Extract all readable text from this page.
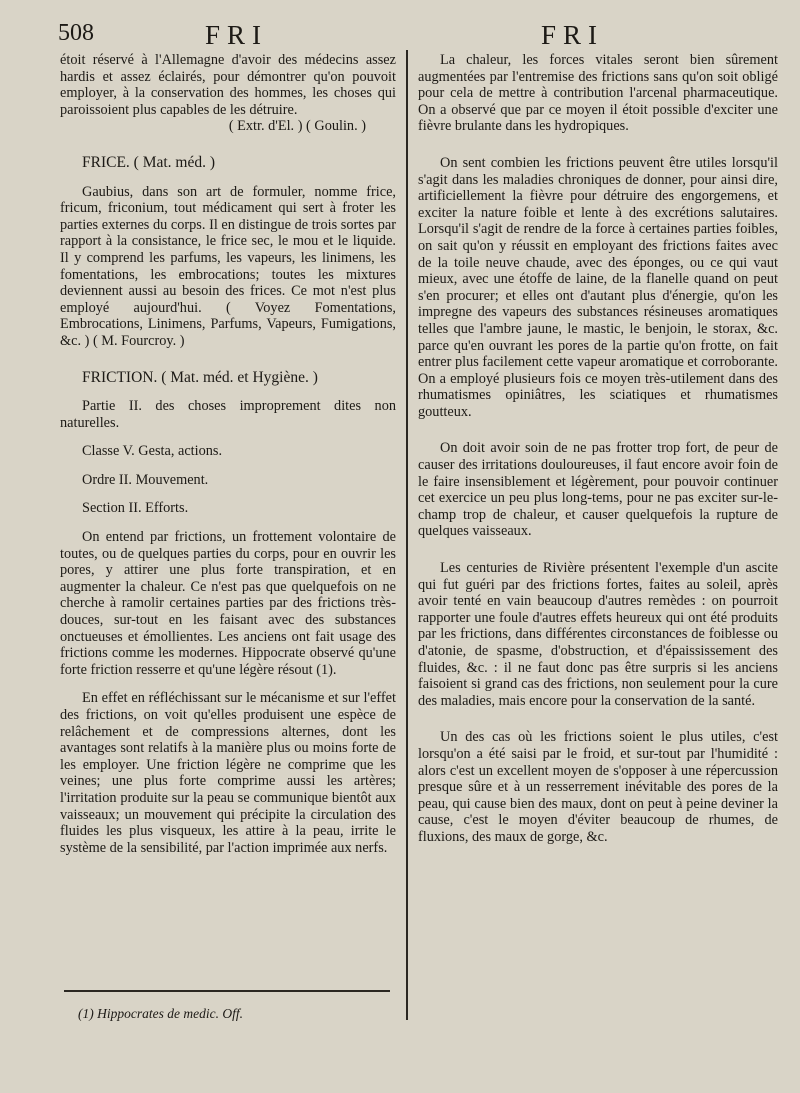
508	FRI	FRI

étoit réservé à l'Allemagne d'avoir des médecins assez hardis et assez éclairés, pour démontrer qu'on pouvoit employer, à la conservation des hommes, les choses qui paroissoient plus capables de les détruire.

( Extr. d'El. ) ( Goulin. )

FRICE. ( Mat. méd. )

Gaubius, dans son art de formuler, nomme frice, fricum, friconium, tout médicament qui sert à froter les parties externes du corps. Il en distingue de trois sortes par rapport à la consistance, le frice sec, le mou et le liquide. Il y comprend les parfums, les vapeurs, les linimens, les fomentations, les embrocations; toutes les mixtures deviennent aussi au besoin des frices. Ce mot n'est plus employé aujourd'hui. ( Voyez Fomentations, Embrocations, Linimens, Parfums, Vapeurs, Fumigations, &c. ) ( M. Fourcroy. )

FRICTION. ( Mat. méd. et Hygiène. )

Partie II. des choses improprement dites non naturelles.

Classe V. Gesta, actions.

Ordre II. Mouvement.

Section II. Efforts.

On entend par frictions, un frottement volontaire de toutes, ou de quelques parties du corps, pour en ouvrir les pores, y attirer une plus forte transpiration, et en augmenter la chaleur. Ce n'est pas que quelquefois on ne cherche à ramolir certaines parties par des frictions très-douces, sur-tout en les faisant avec des substances onctueuses et émollientes. Les anciens ont fait usage des frictions comme les modernes. Hippocrate observé qu'une forte friction resserre et qu'une légère résout (1).

En effet en réfléchissant sur le mécanisme et sur l'effet des frictions, on voit qu'elles produisent une espèce de relâchement et de compressions alternes, dont les avantages sont relatifs à la manière plus ou moins forte de les employer. Une friction légère ne comprime que les veines; une plus forte comprime aussi les artères; l'irritation produite sur la peau se communique bientôt aux vaisseaux; un mouvement qui précipite la circulation des fluides les plus visqueux, les attire à la peau, irrite le système de la sensibilité, par l'action imprimée aux nerfs.

(1) Hippocrates de medic. Off.

La chaleur, les forces vitales seront bien sûrement augmentées par l'entremise des frictions sans qu'on soit obligé pour cela de mettre à contribution l'arcenal pharmaceutique. On a observé que par ce moyen il étoit possible d'exciter une fièvre brulante dans les hydropiques.

On sent combien les frictions peuvent être utiles lorsqu'il s'agit dans les maladies chroniques de donner, pour ainsi dire, artificiellement la fièvre pour détruire des engorgemens, et exciter la nature foible et lente à des excrétions salutaires. Lorsqu'il s'agit de rendre de la force à certaines parties foibles, on sait qu'on y réussit en employant des frictions faites avec de la toile neuve chaude, avec des éponges, ou ce qui vaut mieux, avec une étoffe de laine, de la flanelle quand on peut s'en procurer; et elles ont d'autant plus d'énergie, qu'on les impregne des vapeurs des substances résineuses aromatiques telles que l'ambre jaune, le mastic, le benjoin, le storax, &c. parce qu'en ouvrant les pores de la partie qu'on frotte, on fait entrer plus facilement cette vapeur aromatique et corroborante. On a employé plusieurs fois ce moyen très-utilement dans des rhumatismes opiniâtres, les sciatiques et rhumatismes goutteux.

On doit avoir soin de ne pas frotter trop fort, de peur de causer des irritations douloureuses, il faut encore avoir foin de le faire insensiblement et légèrement, pour pouvoir continuer cet exercice un peu plus long-tems, pour ne pas exciter sur-le-champ trop de chaleur, et causer quelquefois la rupture de quelques vaisseaux.

Les centuries de Rivière présentent l'exemple d'un ascite qui fut guéri par des frictions fortes, faites au soleil, après avoir tenté en vain beaucoup d'autres remèdes : on pourroit rapporter une foule d'autres effets heureux qui ont été produits par les frictions, dans différentes circonstances de foiblesse ou d'atonie, de spasme, d'obstruction, et d'épaississement des fluides, &c. : il ne faut donc pas être surpris si les anciens faisoient si grand cas des frictions, non seulement pour la cure des maladies, mais encore pour la conservation de la santé.

Un des cas où les frictions soient le plus utiles, c'est lorsqu'on a été saisi par le froid, et sur-tout par l'humidité : alors c'est un excellent moyen de s'opposer à une répercussion presque sûre et à un resserrement inévitable des pores de la peau, qui cause bien des maux, dont on peut à peine deviner la cause, c'est le moyen d'éviter beaucoup de rhumes, de fluxions, des maux de gorge, &c.
